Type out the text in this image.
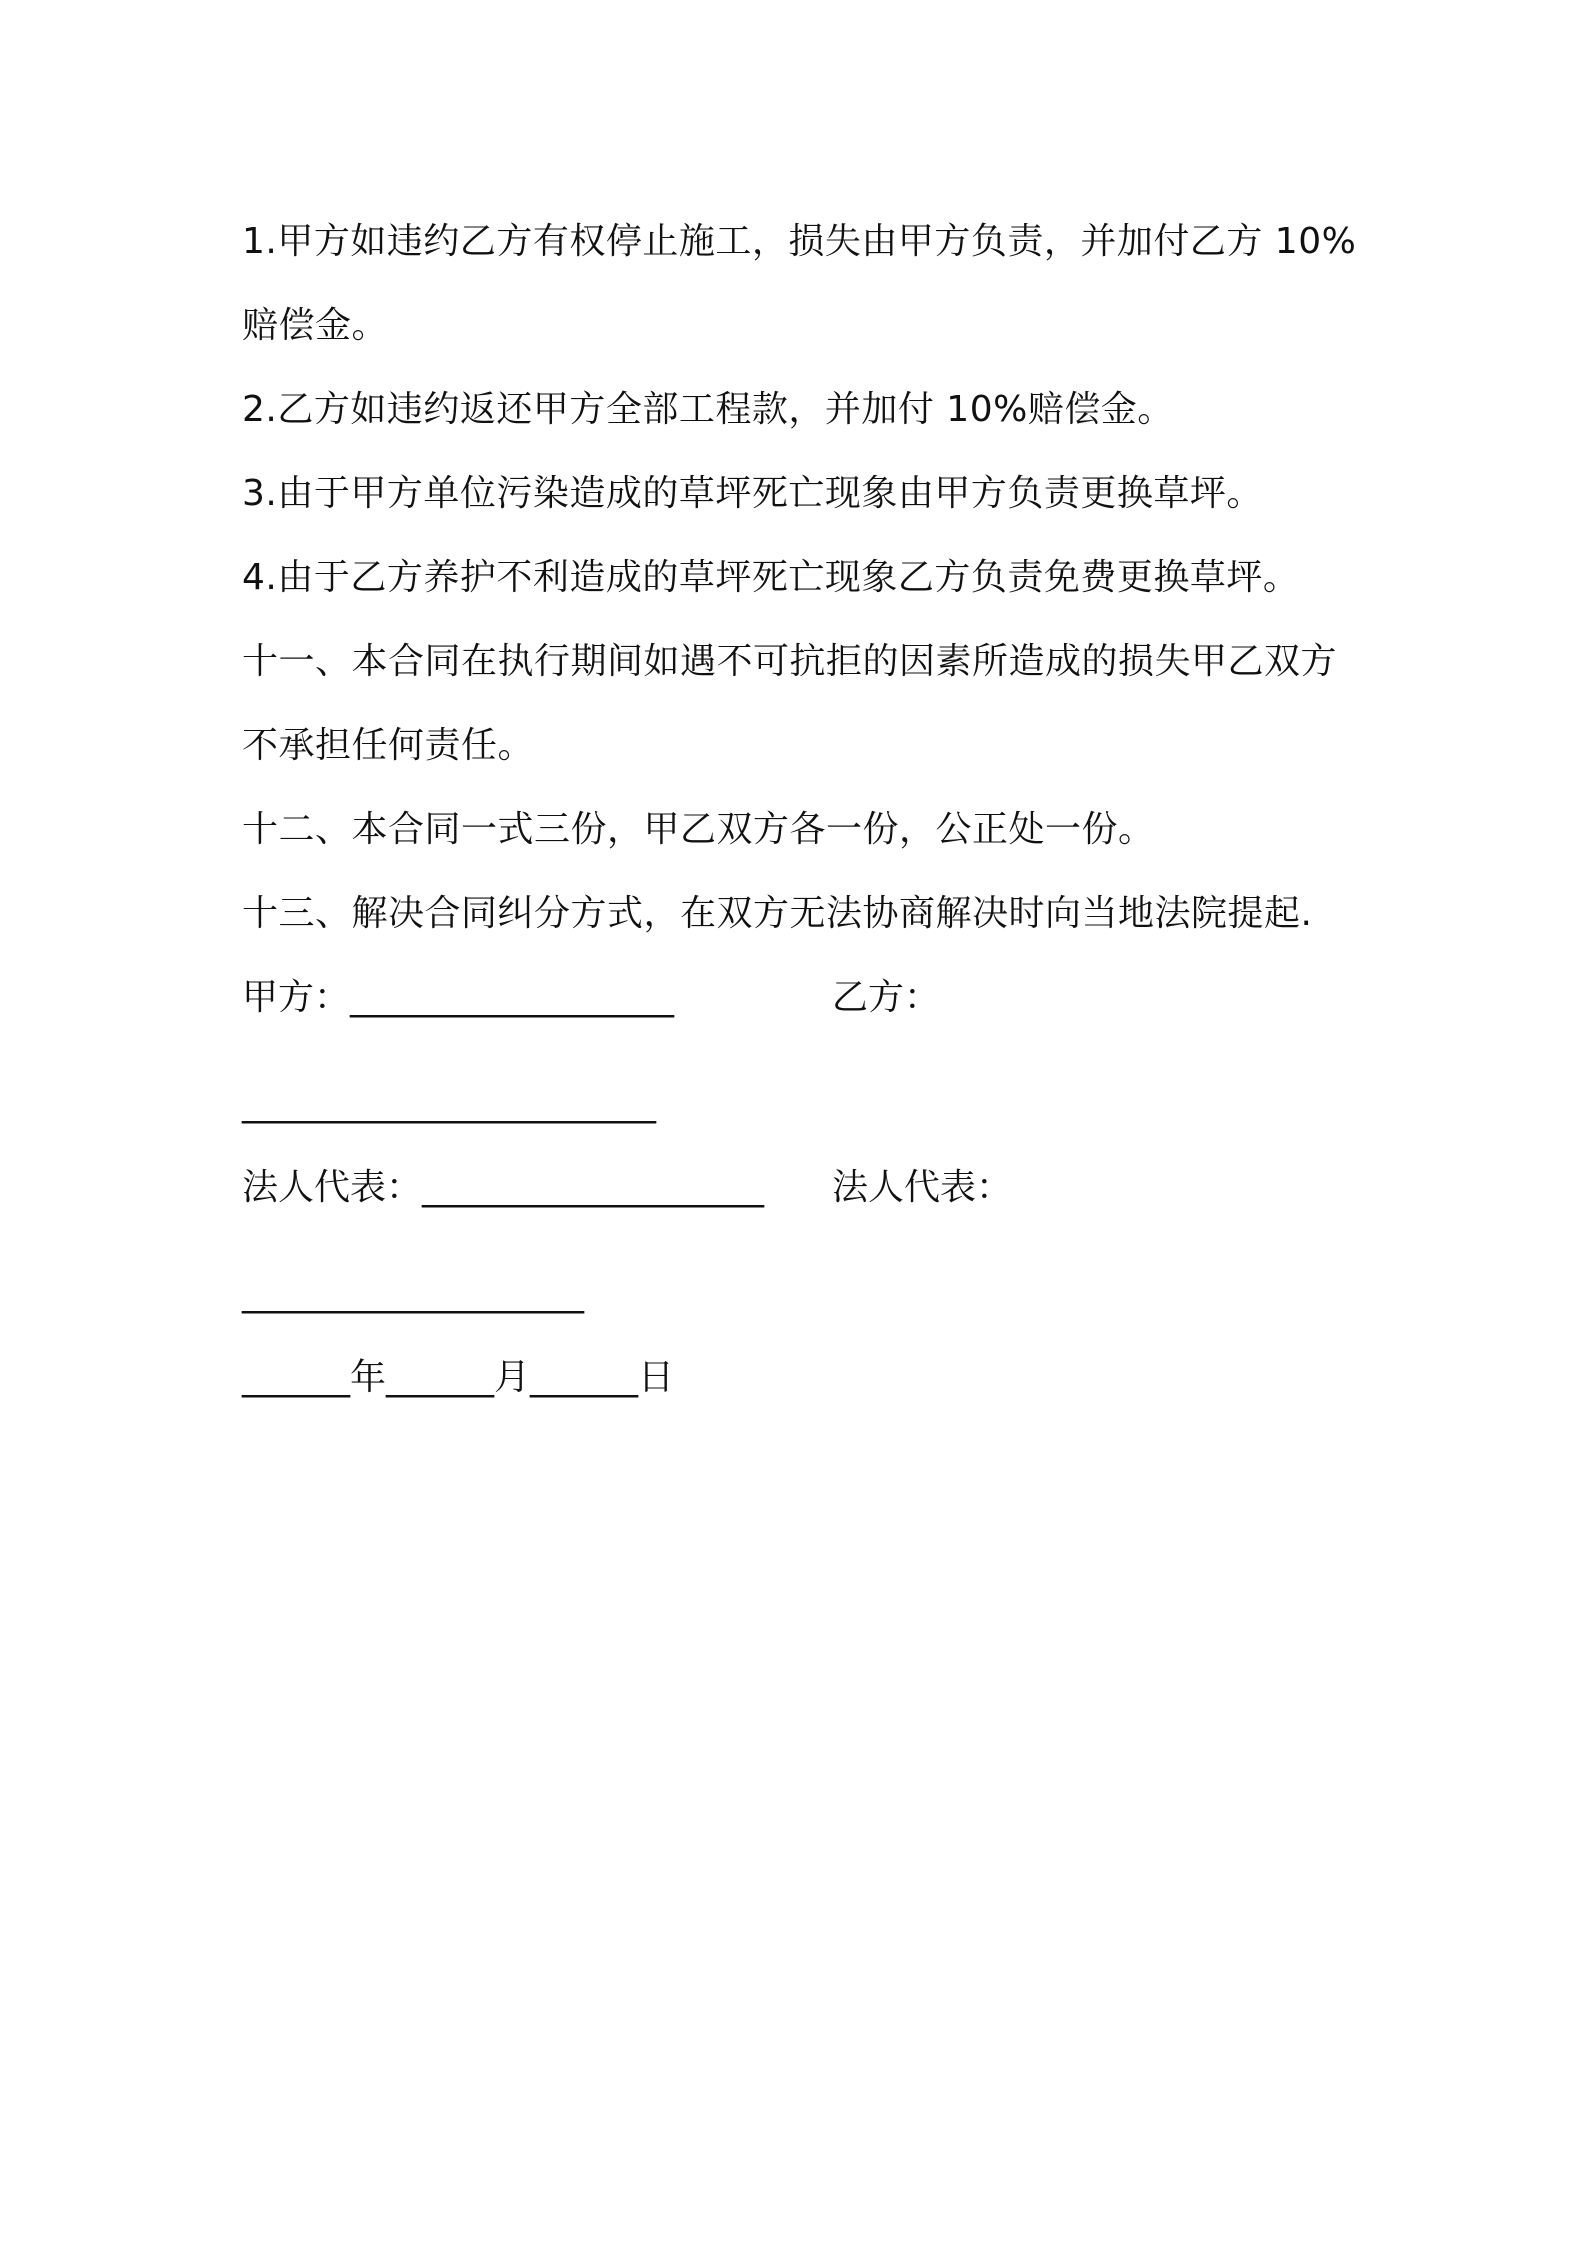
1.甲方如违约乙方有权停止施工，损失由甲方负责，并加付乙方 10%
赔偿金。
2.乙方如违约返还甲方全部工程款，并加付 10%赔偿金。
3.由于甲方单位污染造成的草坪死亡现象由甲方负责更换草坪。
4.由于乙方养护不利造成的草坪死亡现象乙方负责免费更换草坪。
十一、本合同在执行期间如遇不可抗拒的因素所造成的损失甲乙双方
不承担任何责任。
十二、本合同一式三份，甲乙双方各一份，公正处一份。
十三、解决合同纠分方式，在双方无法协商解决时向当地法院提起.
甲方：__________________	乙方：
_______________________
法人代表：___________________ 法人代表：
___________________
______年______月______日
